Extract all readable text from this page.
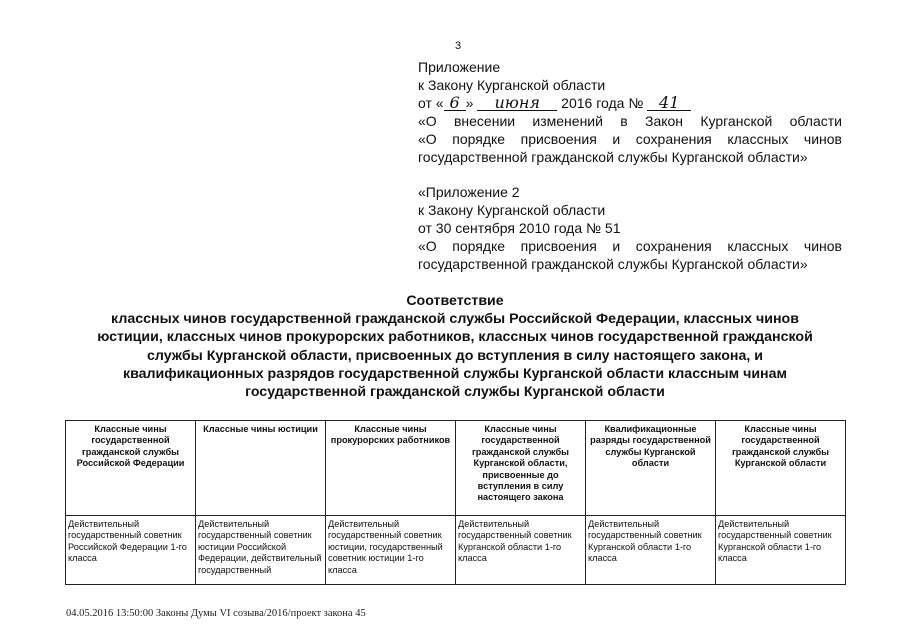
3
Приложение
к Закону Курганской области
от « 6 » июня 2016 года № 41
«О внесении изменений в Закон Курганской области
«О порядке присвоения и сохранения классных чинов
государственной гражданской службы Курганской области»
«Приложение 2
к Закону Курганской области
от 30 сентября 2010 года № 51
«О порядке присвоения и сохранения классных чинов
государственной гражданской службы Курганской области»
Соответствие
классных чинов государственной гражданской службы Российской Федерации, классных чинов
юстиции, классных чинов прокурорских работников, классных чинов государственной гражданской
службы Курганской области, присвоенных до вступления в силу настоящего закона, и
квалификационных разрядов государственной службы Курганской области классным чинам
государственной гражданской службы Курганской области
Классные чины государственной гражданской службы Российской Федерации	Классные чины юстиции	Классные чины прокурорских работников	Классные чины государственной гражданской службы Курганской области, присвоенные до вступления в силу настоящего закона	Квалификационные разряды государственной службы Курганской области	Классные чины государственной гражданской службы Курганской области
Действительный государственный советник Российской Федерации 1-го класса	Действительный государственный советник юстиции Российской Федерации, действительный государственный	Действительный государственный советник юстиции, государственный советник юстиции 1-го класса	Действительный государственный советник Курганской области 1-го класса	Действительный государственный советник Курганской области 1-го класса	Действительный государственный советник Курганской области 1-го класса
04.05.2016 13:50:00 Законы Думы VI созыва/2016/проект закона 45
